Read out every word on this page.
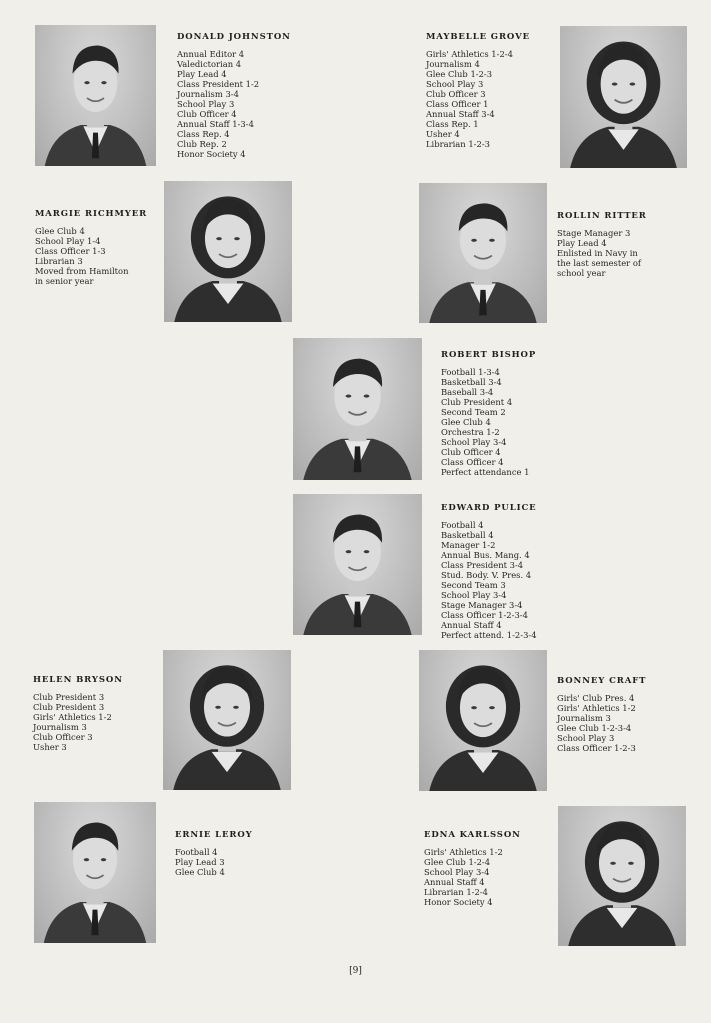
DONALD JOHNSTON
Annual Editor 4
Valedictorian 4
Play Lead 4
Class President 1-2
Journalism 3-4
School Play 3
Club Officer 4
Annual Staff 1-3-4
Class Rep. 4
Club Rep. 2
Honor Society 4
MAYBELLE GROVE
Girls' Athletics 1-2-4
Journalism 4
Glee Club 1-2-3
School Play 3
Club Officer 3
Class Officer 1
Annual Staff 3-4
Class Rep. 1
Usher 4
Librarian 1-2-3
MARGIE RICHMYER
Glee Club 4
School Play 1-4
Class Officer 1-3
Librarian 3
Moved from Hamilton
in senior year
ROLLIN RITTER
Stage Manager 3
Play Lead 4
Enlisted in Navy in
the last semester of
school year
ROBERT BISHOP
Football 1-3-4
Basketball 3-4
Baseball 3-4
Club President 4
Second Team 2
Glee Club 4
Orchestra 1-2
School Play 3-4
Club Officer 4
Class Officer 4
Perfect attendance 1
EDWARD PULICE
Football 4
Basketball 4
Manager 1-2
Annual Bus. Mang. 4
Class President 3-4
Stud. Body. V. Pres. 4
Second Team 3
School Play 3-4
Stage Manager 3-4
Class Officer 1-2-3-4
Annual Staff 4
Perfect attend. 1-2-3-4
HELEN BRYSON
Club President 3
Club President 3
Girls' Athletics 1-2
Journalism 3
Club Officer 3
Usher 3
BONNEY CRAFT
Girls' Club Pres. 4
Girls' Athletics 1-2
Journalism 3
Glee Club 1-2-3-4
School Play 3
Class Officer 1-2-3
ERNIE LEROY
Football 4
Play Lead 3
Glee Club 4
EDNA KARLSSON
Girls' Athletics 1-2
Glee Club 1-2-4
School Play 3-4
Annual Staff 4
Librarian 1-2-4
Honor Society 4
[9]
